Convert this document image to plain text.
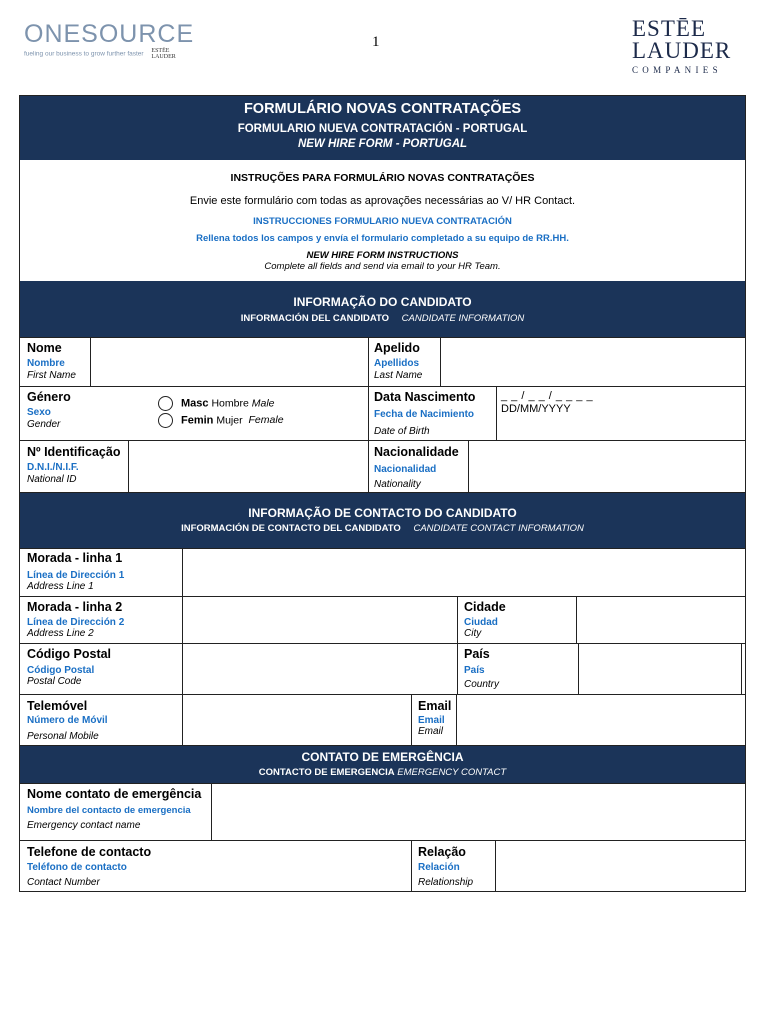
ONESOURCE
fueling our business to grow further faster ESTĒE
LAUDER
1
ESTĒE
LAUDER
COMPANIES
FORMULÁRIO NOVAS CONTRATAÇÕES
FORMULARIO NUEVA CONTRATACIÓN - PORTUGAL
NEW HIRE FORM - PORTUGAL
INSTRUÇÕES PARA FORMULÁRIO NOVAS CONTRATAÇÕES
Envie este formulário com todas as aprovações necessárias ao V/ HR Contact.
INSTRUCCIONES FORMULARIO NUEVA CONTRATACIÓN
Rellena todos los campos y envía el formulario completado a su equipo de RR.HH.
NEW HIRE FORM INSTRUCTIONS
Complete all fields and send via email to your HR Team.
INFORMAÇÃO DO CANDIDATO
INFORMACIÓN DEL CANDIDATO CANDIDATE INFORMATION
Nome
Nombre
First Name
Apelido
Apellidos
Last Name
Género
Sexo
Gender
Masc Hombre Male
Femin Mujer Female
Data Nascimento
Fecha de Nacimiento
Date of Birth
_ _ / _ _ / _ _ _ _
DD/MM/YYYY
Nº Identificação
D.N.I./N.I.F.
National ID
Nacionalidade
Nacionalidad
Nationality
INFORMAÇÃO DE CONTACTO DO CANDIDATO
INFORMACIÓN DE CONTACTO DEL CANDIDATO CANDIDATE CONTACT INFORMATION
Morada - linha 1
Línea de Dirección 1
Address Line 1
Morada - linha 2
Línea de Dirección 2
Address Line 2
Cidade
Ciudad
City
Código Postal
Código Postal
Postal Code
País
País
Country
Telemóvel
Número de Móvil
Personal Mobile
Email
Email
Email
CONTATO DE EMERGÊNCIA
CONTACTO DE EMERGENCIA EMERGENCY CONTACT
Nome contato de emergência
Nombre del contacto de emergencia
Emergency contact name
Telefone de contacto
Teléfono de contacto
Contact Number
Relação
Relación
Relationship
